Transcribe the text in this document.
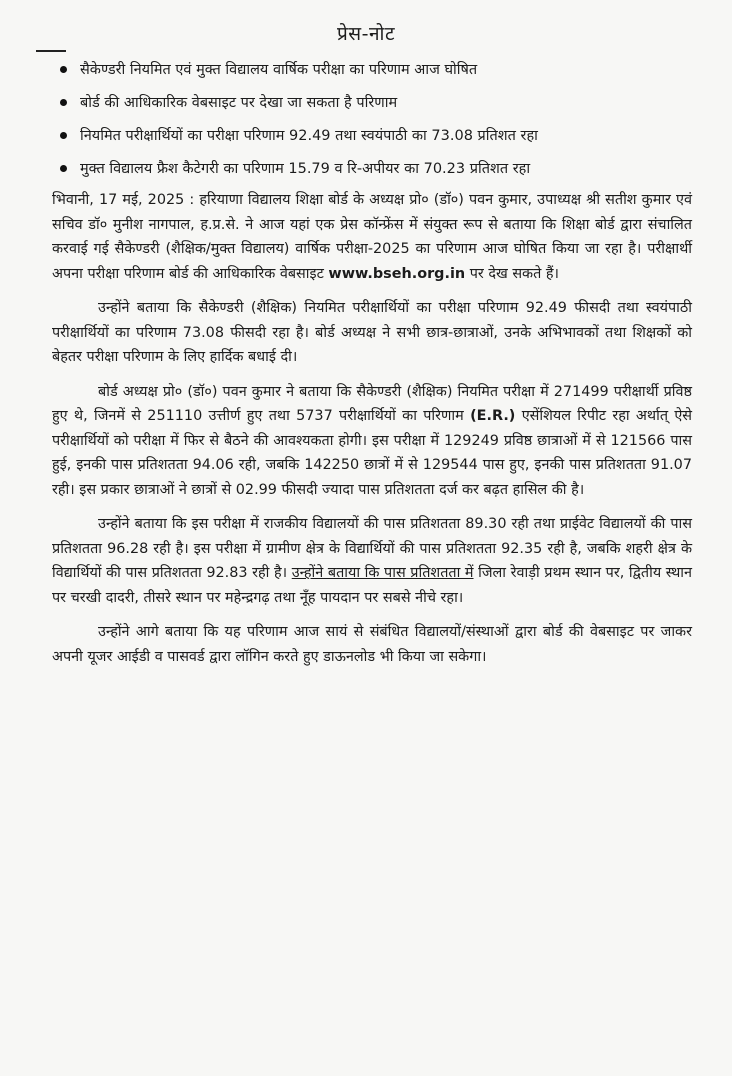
प्रेस-नोट
सैकेण्डरी नियमित एवं मुक्त विद्यालय वार्षिक परीक्षा का परिणाम आज घोषित
बोर्ड की आधिकारिक वेबसाइट पर देखा जा सकता है परिणाम
नियमित परीक्षार्थियों का परीक्षा परिणाम 92.49 तथा स्वयंपाठी का 73.08 प्रतिशत रहा
मुक्त विद्यालय फ्रैश कैटेगरी का परिणाम 15.79 व रि-अपीयर का 70.23 प्रतिशत रहा

भिवानी, 17 मई, 2025 : हरियाणा विद्यालय शिक्षा बोर्ड के अध्यक्ष प्रो० (डॉ०) पवन कुमार, उपाध्यक्ष श्री सतीश कुमार एवं सचिव डॉ० मुनीश नागपाल, ह.प्र.से. ने आज यहां एक प्रेस कॉन्फ्रेंस में संयुक्त रूप से बताया कि शिक्षा बोर्ड द्वारा संचालित करवाई गई सैकेण्डरी (शैक्षिक/मुक्त विद्यालय) वार्षिक परीक्षा-2025 का परिणाम आज घोषित किया जा रहा है। परीक्षार्थी अपना परीक्षा परिणाम बोर्ड की आधिकारिक वेबसाइट www.bseh.org.in पर देख सकते हैं।

उन्होंने बताया कि सैकेण्डरी (शैक्षिक) नियमित परीक्षार्थियों का परीक्षा परिणाम 92.49 फीसदी तथा स्वयंपाठी परीक्षार्थियों का परिणाम 73.08 फीसदी रहा है। बोर्ड अध्यक्ष ने सभी छात्र-छात्राओं, उनके अभिभावकों तथा शिक्षकों को बेहतर परीक्षा परिणाम के लिए हार्दिक बधाई दी।

बोर्ड अध्यक्ष प्रो० (डॉ०) पवन कुमार ने बताया कि सैकेण्डरी (शैक्षिक) नियमित परीक्षा में 271499 परीक्षार्थी प्रविष्ठ हुए थे, जिनमें से 251110 उत्तीर्ण हुए तथा 5737 परीक्षार्थियों का परिणाम (E.R.) एसेंशियल रिपीट रहा अर्थात् ऐसे परीक्षार्थियों को परीक्षा में फिर से बैठने की आवश्यकता होगी। इस परीक्षा में 129249 प्रविष्ठ छात्राओं में से 121566 पास हुई, इनकी पास प्रतिशतता 94.06 रही, जबकि 142250 छात्रों में से 129544 पास हुए, इनकी पास प्रतिशतता 91.07 रही। इस प्रकार छात्राओं ने छात्रों से 02.99 फीसदी ज्यादा पास प्रतिशतता दर्ज कर बढ़त हासिल की है।

उन्होंने बताया कि इस परीक्षा में राजकीय विद्यालयों की पास प्रतिशतता 89.30 रही तथा प्राईवेट विद्यालयों की पास प्रतिशतता 96.28 रही है। इस परीक्षा में ग्रामीण क्षेत्र के विद्यार्थियों की पास प्रतिशतता 92.35 रही है, जबकि शहरी क्षेत्र के विद्यार्थियों की पास प्रतिशतता 92.83 रही है। उन्होंने बताया कि पास प्रतिशतता में जिला रेवाड़ी प्रथम स्थान पर, द्वितीय स्थान पर चरखी दादरी, तीसरे स्थान पर महेन्द्रगढ़ तथा नूँह पायदान पर सबसे नीचे रहा।

उन्होंने आगे बताया कि यह परिणाम आज सायं से संबंधित विद्यालयों/संस्थाओं द्वारा बोर्ड की वेबसाइट पर जाकर अपनी यूजर आईडी व पासवर्ड द्वारा लॉगिन करते हुए डाऊनलोड भी किया जा सकेगा।
